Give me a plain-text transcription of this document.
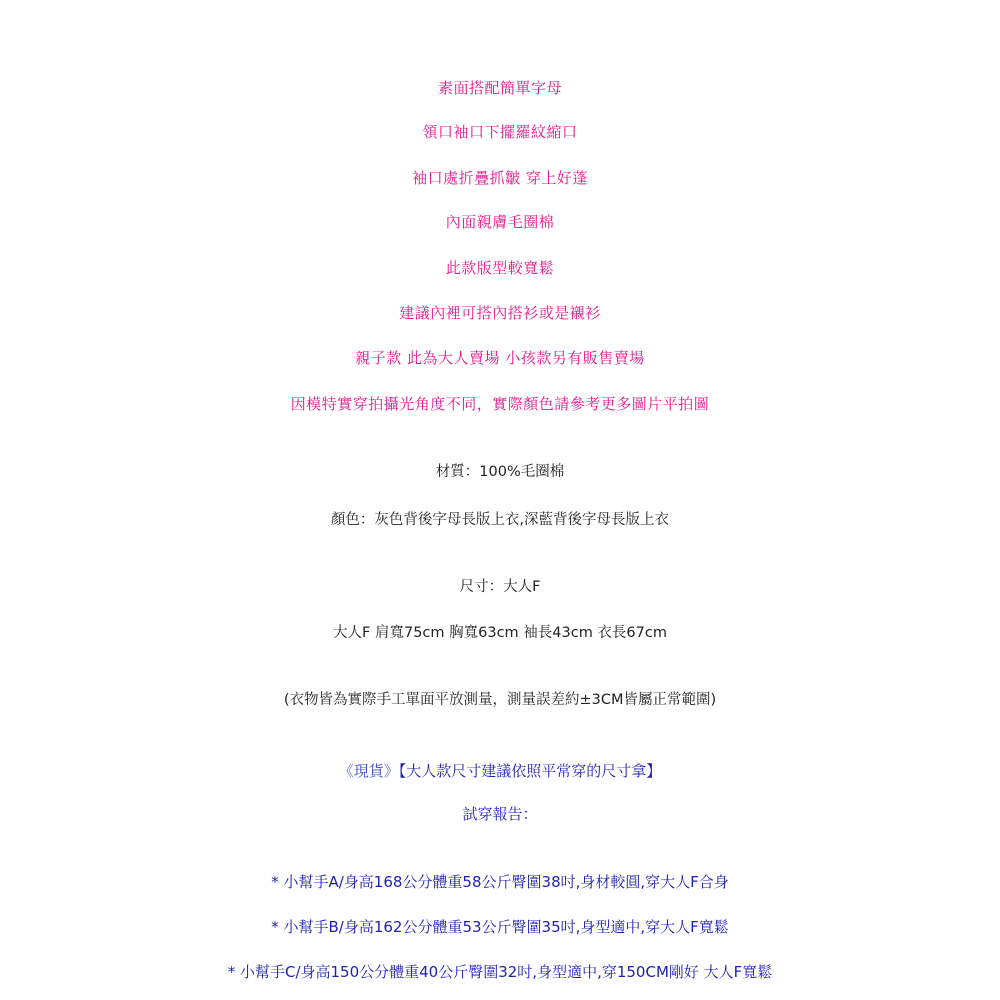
素面搭配簡單字母
領口袖口下擺羅紋縮口
袖口處折疊抓皺 穿上好蓬
內面親膚毛圈棉
此款版型較寬鬆
建議內裡可搭內搭衫或是襯衫
親子款 此為大人賣場 小孩款另有販售賣場
因模特實穿拍攝光角度不同，實際顏色請參考更多圖片平拍圖
材質：100%毛圈棉
顏色：灰色背後字母長版上衣,深藍背後字母長版上衣
尺寸：大人F
大人F 肩寬75cm 胸寬63cm 袖長43cm 衣長67cm
(衣物皆為實際手工單面平放測量，測量誤差約±3CM皆屬正常範圍)
《現貨》【大人款尺寸建議依照平常穿的尺寸拿】
試穿報告：
* 小幫手A/身高168公分體重58公斤臀圍38吋,身材較圓,穿大人F合身
* 小幫手B/身高162公分體重53公斤臀圍35吋,身型適中,穿大人F寬鬆
* 小幫手C/身高150公分體重40公斤臀圍32吋,身型適中,穿150CM剛好 大人F寬鬆
